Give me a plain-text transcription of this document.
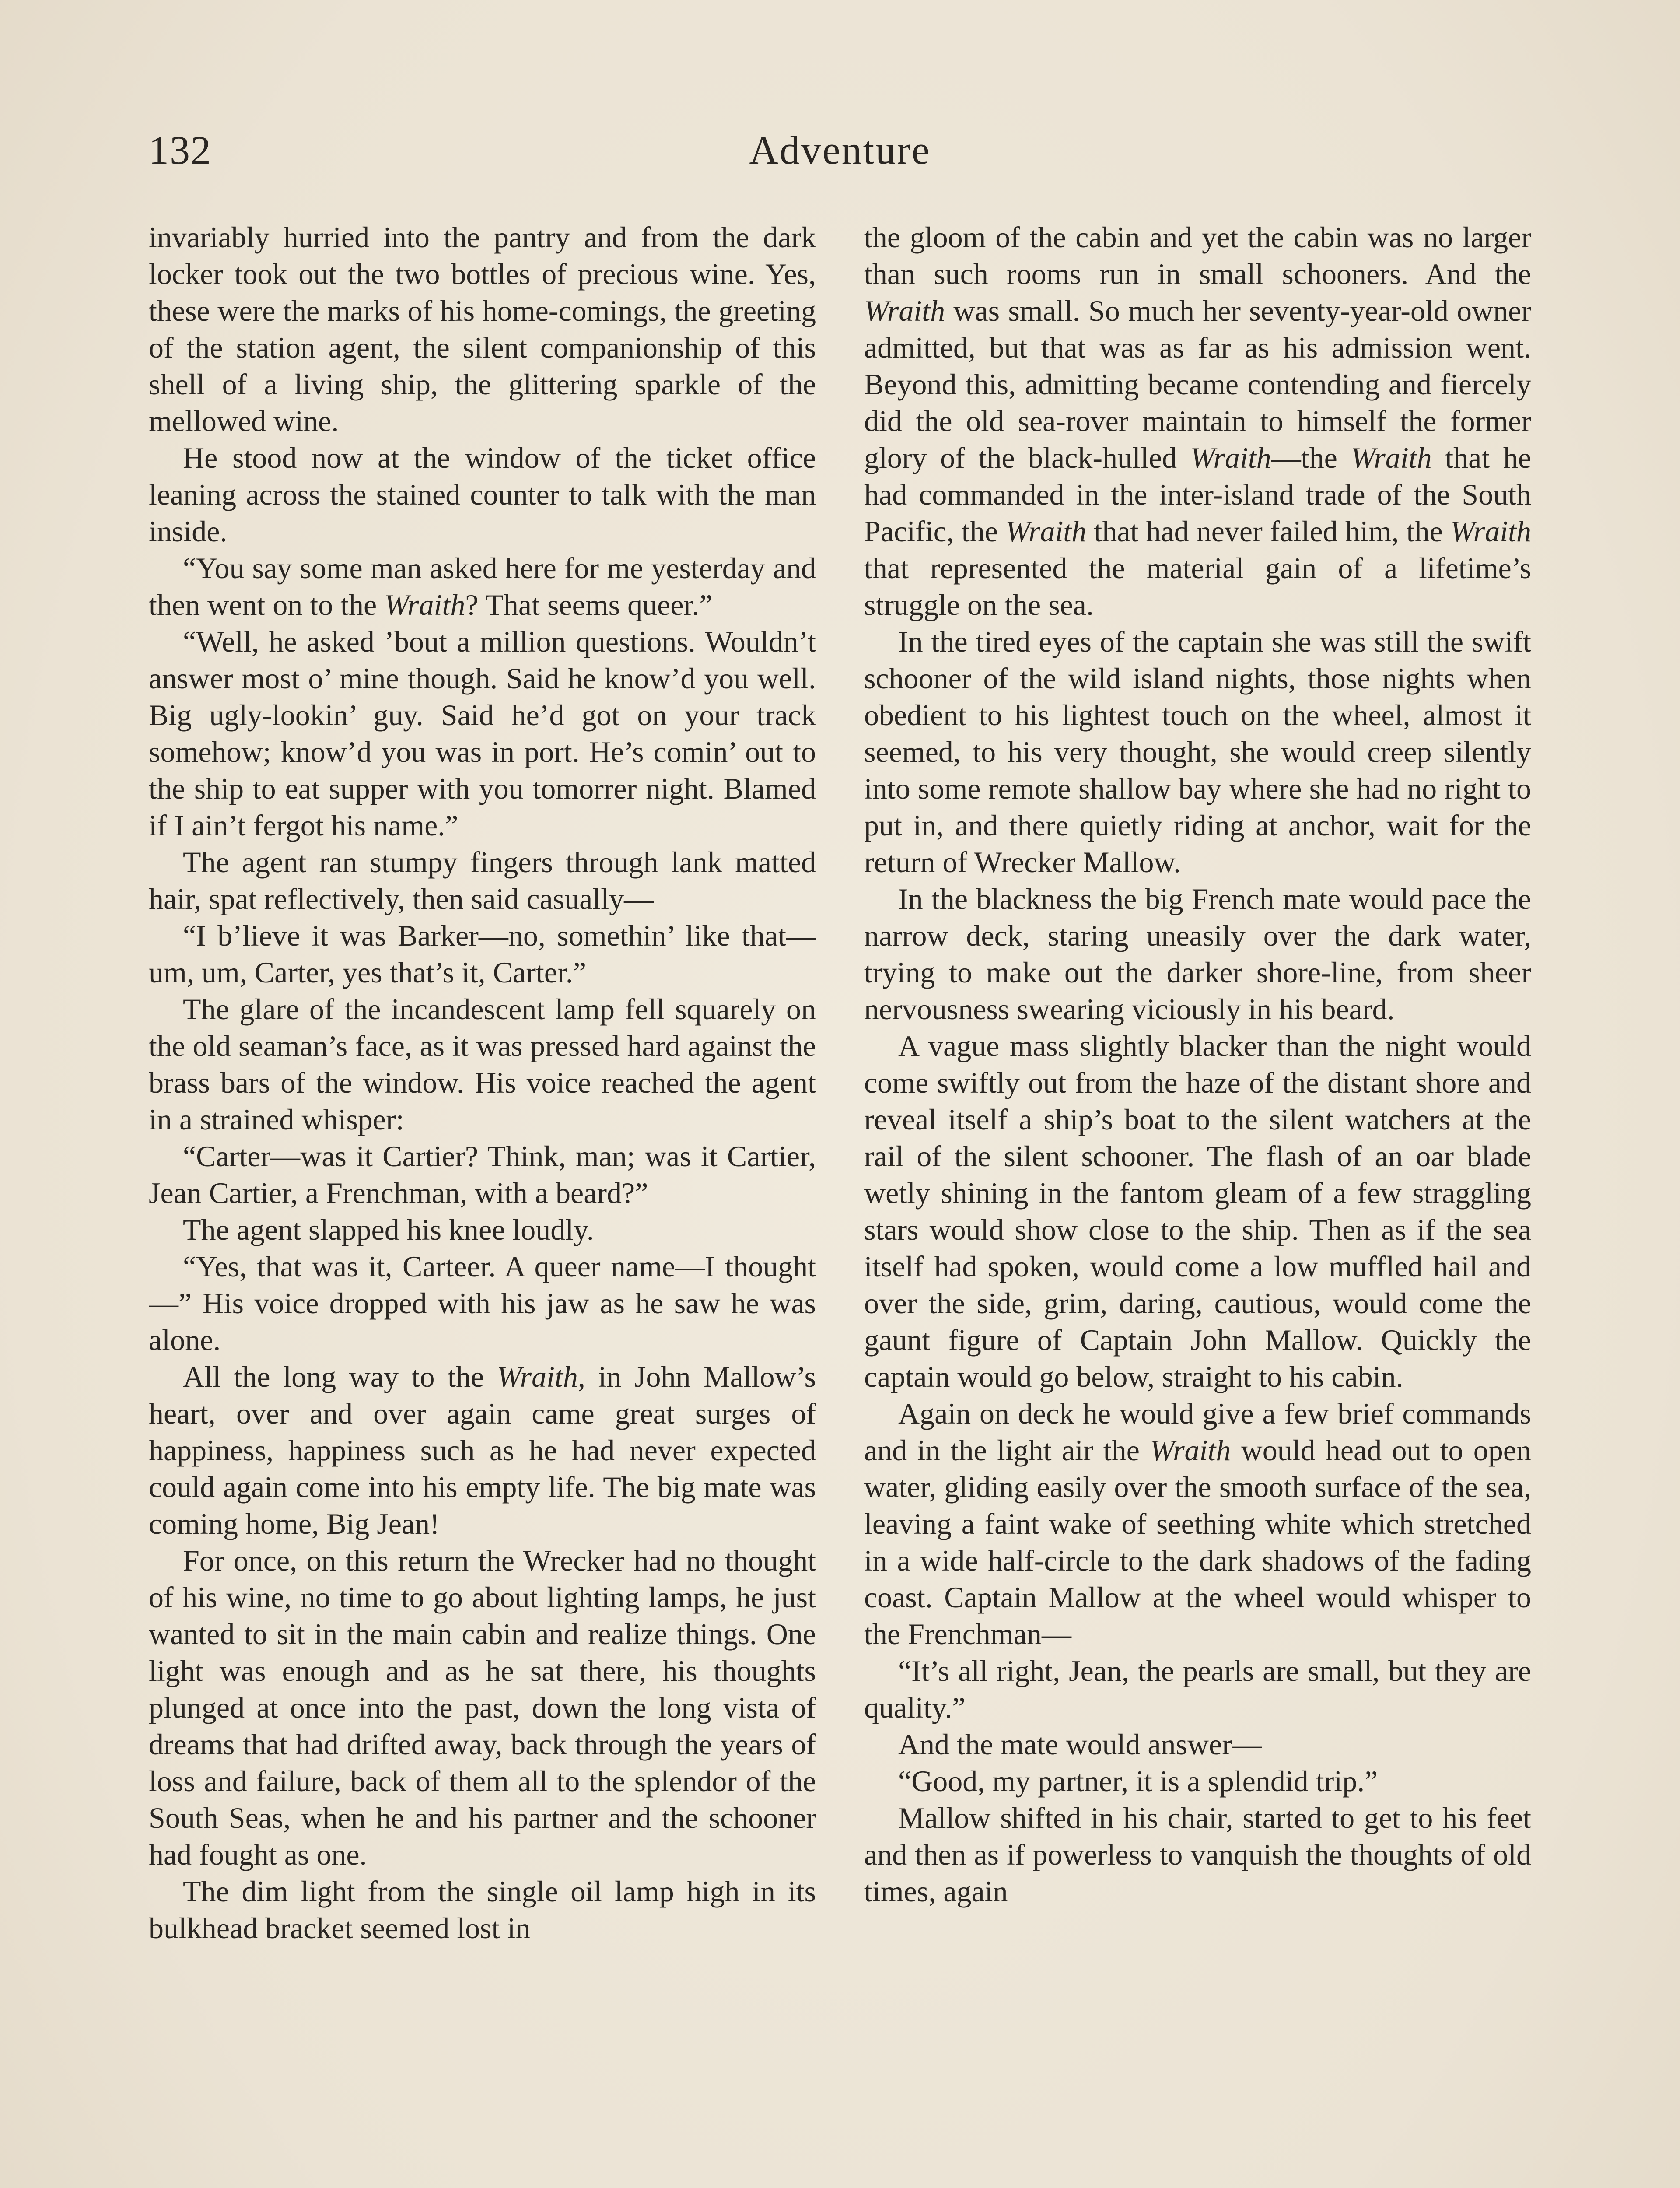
132	Adventure

invariably hurried into the pantry and from the dark locker took out the two bottles of precious wine. Yes, these were the marks of his home-comings, the greeting of the station agent, the silent companionship of this shell of a living ship, the glittering sparkle of the mellowed wine.

He stood now at the window of the ticket office leaning across the stained counter to talk with the man inside.

“You say some man asked here for me yesterday and then went on to the Wraith? That seems queer.”

“Well, he asked ’bout a million questions. Wouldn’t answer most o’ mine though. Said he know’d you well. Big ugly-lookin’ guy. Said he’d got on your track somehow; know’d you was in port. He’s comin’ out to the ship to eat supper with you tomorrer night. Blamed if I ain’t fergot his name.”

The agent ran stumpy fingers through lank matted hair, spat reflectively, then said casually—

“I b’lieve it was Barker—no, somethin’ like that—um, um, Carter, yes that’s it, Carter.”

The glare of the incandescent lamp fell squarely on the old seaman’s face, as it was pressed hard against the brass bars of the window. His voice reached the agent in a strained whisper:

“Carter—was it Cartier? Think, man; was it Cartier, Jean Cartier, a Frenchman, with a beard?”

The agent slapped his knee loudly.

“Yes, that was it, Carteer. A queer name—I thought—” His voice dropped with his jaw as he saw he was alone.

All the long way to the Wraith, in John Mallow’s heart, over and over again came great surges of happiness, happiness such as he had never expected could again come into his empty life. The big mate was coming home, Big Jean!

For once, on this return the Wrecker had no thought of his wine, no time to go about lighting lamps, he just wanted to sit in the main cabin and realize things. One light was enough and as he sat there, his thoughts plunged at once into the past, down the long vista of dreams that had drifted away, back through the years of loss and failure, back of them all to the splendor of the South Seas, when he and his partner and the schooner had fought as one.

The dim light from the single oil lamp high in its bulkhead bracket seemed lost in

the gloom of the cabin and yet the cabin was no larger than such rooms run in small schooners. And the Wraith was small. So much her seventy-year-old owner admitted, but that was as far as his admission went. Beyond this, admitting became contending and fiercely did the old sea-rover maintain to himself the former glory of the black-hulled Wraith—the Wraith that he had commanded in the inter-island trade of the South Pacific, the Wraith that had never failed him, the Wraith that represented the material gain of a lifetime’s struggle on the sea.

In the tired eyes of the captain she was still the swift schooner of the wild island nights, those nights when obedient to his lightest touch on the wheel, almost it seemed, to his very thought, she would creep silently into some remote shallow bay where she had no right to put in, and there quietly riding at anchor, wait for the return of Wrecker Mallow.

In the blackness the big French mate would pace the narrow deck, staring uneasily over the dark water, trying to make out the darker shore-line, from sheer nervousness swearing viciously in his beard.

A vague mass slightly blacker than the night would come swiftly out from the haze of the distant shore and reveal itself a ship’s boat to the silent watchers at the rail of the silent schooner. The flash of an oar blade wetly shining in the fantom gleam of a few straggling stars would show close to the ship. Then as if the sea itself had spoken, would come a low muffled hail and over the side, grim, daring, cautious, would come the gaunt figure of Captain John Mallow. Quickly the captain would go below, straight to his cabin.

Again on deck he would give a few brief commands and in the light air the Wraith would head out to open water, gliding easily over the smooth surface of the sea, leaving a faint wake of seething white which stretched in a wide half-circle to the dark shadows of the fading coast. Captain Mallow at the wheel would whisper to the Frenchman—

“It’s all right, Jean, the pearls are small, but they are quality.”

And the mate would answer—

“Good, my partner, it is a splendid trip.”

Mallow shifted in his chair, started to get to his feet and then as if powerless to vanquish the thoughts of old times, again
